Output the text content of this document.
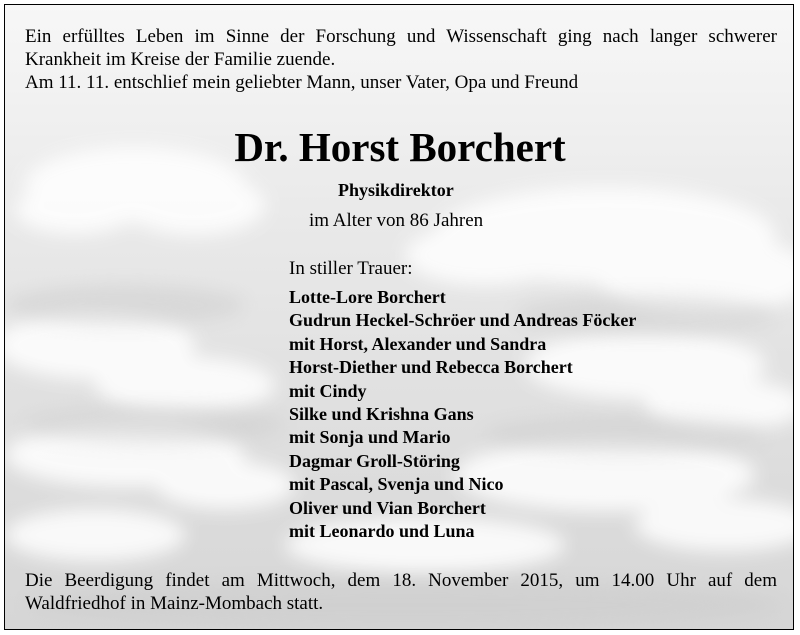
Ein erfülltes Leben im Sinne der Forschung und Wissenschaft ging nach langer schwerer Krankheit im Kreise der Familie zuende.

Am 11. 11. entschlief mein geliebter Mann, unser Vater, Opa und Freund

Dr. Horst Borchert
Physikdirektor
im Alter von 86 Jahren
In stiller Trauer:
Lotte-Lore Borchert
Gudrun Heckel-Schröer und Andreas Föcker
mit Horst, Alexander und Sandra
Horst-Diether und Rebecca Borchert
mit Cindy
Silke und Krishna Gans
mit Sonja und Mario
Dagmar Groll-Störing
mit Pascal, Svenja und Nico
Oliver und Vian Borchert
mit Leonardo und Luna
Die Beerdigung findet am Mittwoch, dem 18. November 2015, um 14.00 Uhr auf dem Waldfriedhof in Mainz-Mombach statt.
